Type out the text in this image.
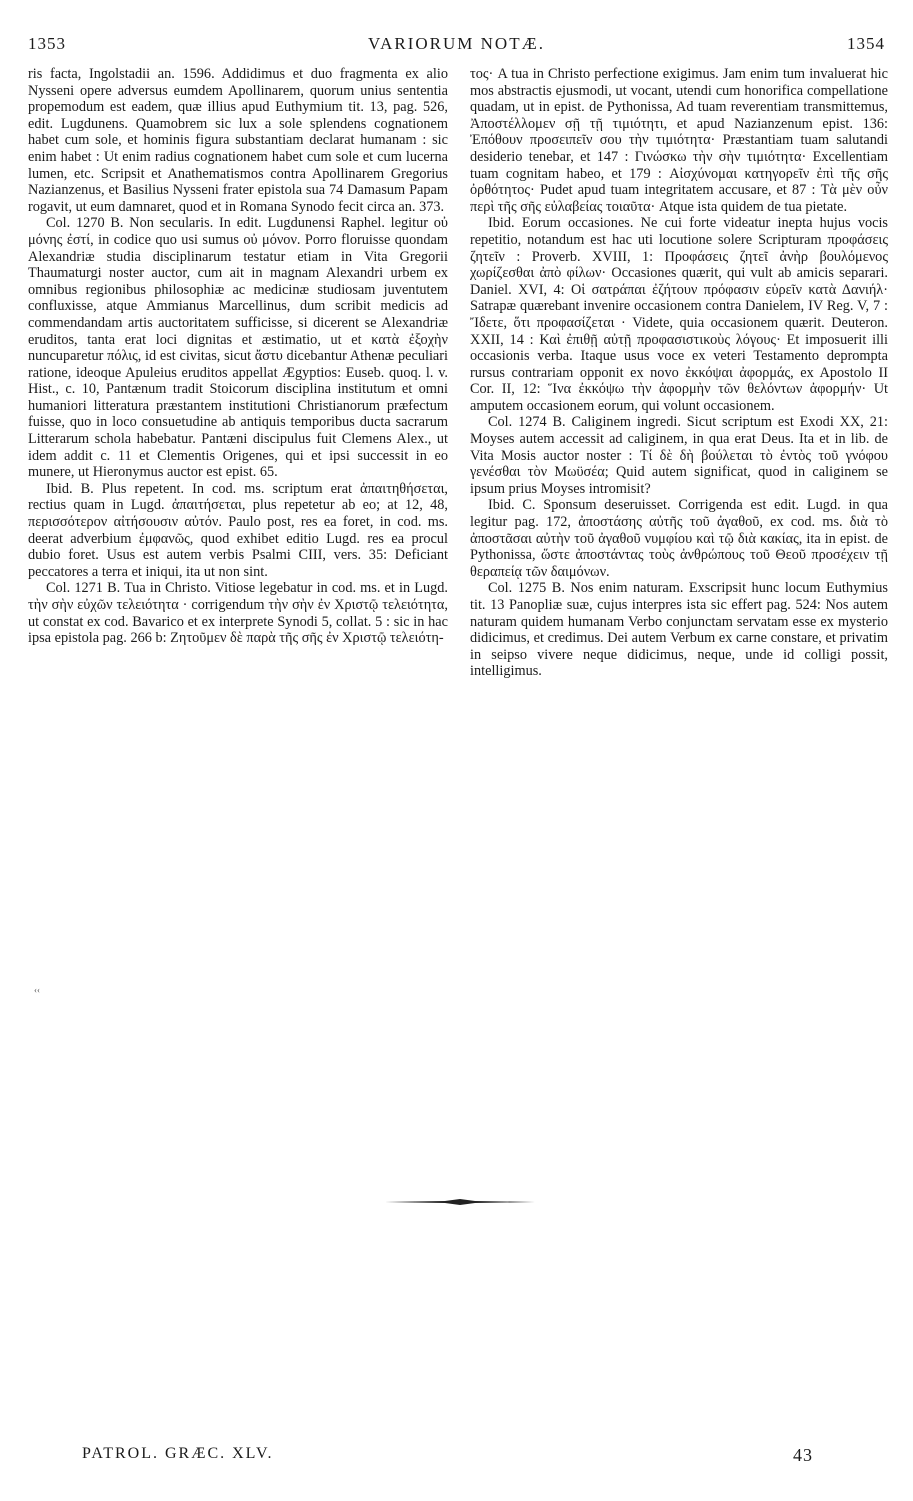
1353	VARIORUM NOTÆ.	1354

ris facta, Ingolstadii an. 1596. Addidimus et duo fragmenta ex alio Nysseni opere adversus eumdem Apollinarem, quorum unius sententia propemodum est eadem, quæ illius apud Euthymium tit. 13, pag. 526, edit. Lugdunens. Quamobrem sic lux a sole splendens cognationem habet cum sole, et hominis figura substantiam declarat humanam : sic enim habet : Ut enim radius cognationem habet cum sole et cum lucerna lumen, etc. Scripsit et Anathematismos contra Apollinarem Gregorius Nazianzenus, et Basilius Nysseni frater epistola sua 74 Damasum Papam rogavit, ut eum damnaret, quod et in Romana Synodo fecit circa an. 373.

Col. 1270 B. Non secularis. In edit. Lugdunensi Raphel. legitur οὐ μόνης ἐστί, in codice quo usi sumus οὐ μόνον. Porro floruisse quondam Alexandriæ studia disciplinarum testatur etiam in Vita Gregorii Thaumaturgi noster auctor, cum ait in magnam Alexandri urbem ex omnibus regionibus philosophiæ ac medicinæ studiosam juventutem confluxisse, atque Ammianus Marcellinus, dum scribit medicis ad commendandam artis auctoritatem sufficisse, si dicerent se Alexandriæ eruditos, tanta erat loci dignitas et æstimatio, ut et κατὰ ἐξοχὴν nuncuparetur πόλις, id est civitas, sicut ἄστυ dicebantur Athenæ peculiari ratione, ideoque Apuleius eruditos appellat Ægyptios: Euseb. quoq. l. v. Hist., c. 10, Pantænum tradit Stoicorum disciplina institutum et omni humaniori litteratura præstantem institutioni Christianorum præfectum fuisse, quo in loco consuetudine ab antiquis temporibus ducta sacrarum Litterarum schola habebatur. Pantæni discipulus fuit Clemens Alex., ut idem addit c. 11 et Clementis Origenes, qui et ipsi successit in eo munere, ut Hieronymus auctor est epist. 65.

Ibid. B. Plus repetent. In cod. ms. scriptum erat ἀπαιτηθήσεται, rectius quam in Lugd. ἀπαιτήσεται, plus repetetur ab eo; at 12, 48, περισσότερον αἰτήσουσιν αὐτόν. Paulo post, res ea foret, in cod. ms. deerat adverbium ἐμφανῶς, quod exhibet editio Lugd. res ea procul dubio foret. Usus est autem verbis Psalmi CIII, vers. 35: Deficiant peccatores a terra et iniqui, ita ut non sint.

Col. 1271 B. Tua in Christo. Vitiose legebatur in cod. ms. et in Lugd. τὴν σὴν εὐχῶν τελειότητα · corrigendum τὴν σὴν ἐν Χριστῷ τελειότητα, ut constat ex cod. Bavarico et ex interprete Synodi 5, collat. 5 : sic in hac ipsa epistola pag. 266 b: Ζητοῦμεν δὲ παρὰ τῆς σῆς ἐν Χριστῷ τελειότη-

τος· A tua in Christo perfectione exigimus. Jam enim tum invaluerat hic mos abstractis ejusmodi, ut vocant, utendi cum honorifica compellatione quadam, ut in epist. de Pythonissa, Ad tuam reverentiam transmittemus, Ἀποστέλλομεν σῇ τῇ τιμιότητι, et apud Nazianzenum epist. 136: Ἐπόθουν προσειπεῖν σου τὴν τιμιότητα· Præstantiam tuam salutandi desiderio tenebar, et 147 : Γινώσκω τὴν σὴν τιμιότητα· Excellentiam tuam cognitam habeo, et 179 : Αἰσχύνομαι κατηγορεῖν ἐπὶ τῆς σῆς ὀρθότητος· Pudet apud tuam integritatem accusare, et 87 : Τὰ μὲν οὖν περὶ τῆς σῆς εὐλαβείας τοιαῦτα· Atque ista quidem de tua pietate.

Ibid. Eorum occasiones. Ne cui forte videatur inepta hujus vocis repetitio, notandum est hac uti locutione solere Scripturam προφάσεις ζητεῖν : Proverb. XVIII, 1: Προφάσεις ζητεῖ ἀνὴρ βουλόμενος χωρίζεσθαι ἀπὸ φίλων· Occasiones quærit, qui vult ab amicis separari. Daniel. XVI, 4: Οἱ σατράπαι ἐζήτουν πρόφασιν εὑρεῖν κατὰ Δανιήλ· Satrapæ quærebant invenire occasionem contra Danielem, IV Reg. V, 7 : Ἴδετε, ὅτι προφασίζεται · Videte, quia occasionem quærit. Deuteron. XXII, 14 : Καὶ ἐπιθῇ αὐτῇ προφασιστικοὺς λόγους· Et imposuerit illi occasionis verba. Itaque usus voce ex veteri Testamento deprompta rursus contrariam opponit ex novo ἐκκόψαι ἀφορμάς, ex Apostolo II Cor. II, 12: Ἵνα ἐκκόψω τὴν ἀφορμὴν τῶν θελόντων ἀφορμήν· Ut amputem occasionem eorum, qui volunt occasionem.

Col. 1274 B. Caliginem ingredi. Sicut scriptum est Exodi XX, 21: Moyses autem accessit ad caliginem, in qua erat Deus. Ita et in lib. de Vita Mosis auctor noster : Τί δὲ δὴ βούλεται τὸ ἐντὸς τοῦ γνόφου γενέσθαι τὸν Μωϋσέα; Quid autem significat, quod in caliginem se ipsum prius Moyses intromisit?

Ibid. C. Sponsum deseruisset. Corrigenda est edit. Lugd. in qua legitur pag. 172, ἀποστάσης αὐτῆς τοῦ ἀγαθοῦ, ex cod. ms. διὰ τὸ ἀποστᾶσαι αὐτὴν τοῦ ἀγαθοῦ νυμφίου καὶ τῷ διὰ κακίας, ita in epist. de Pythonissa, ὥστε ἀποστάντας τοὺς ἀνθρώπους τοῦ Θεοῦ προσέχειν τῇ θεραπείᾳ τῶν δαιμόνων.

Col. 1275 B. Nos enim naturam. Exscripsit hunc locum Euthymius tit. 13 Panopliæ suæ, cujus interpres ista sic effert pag. 524: Nos autem naturam quidem humanam Verbo conjunctam servatam esse ex mysterio didicimus, et credimus. Dei autem Verbum ex carne constare, et privatim in seipso vivere neque didicimus, neque, unde id colligi possit, intelligimus.

‹‹
PATROL. GRÆC. XLV.	43
